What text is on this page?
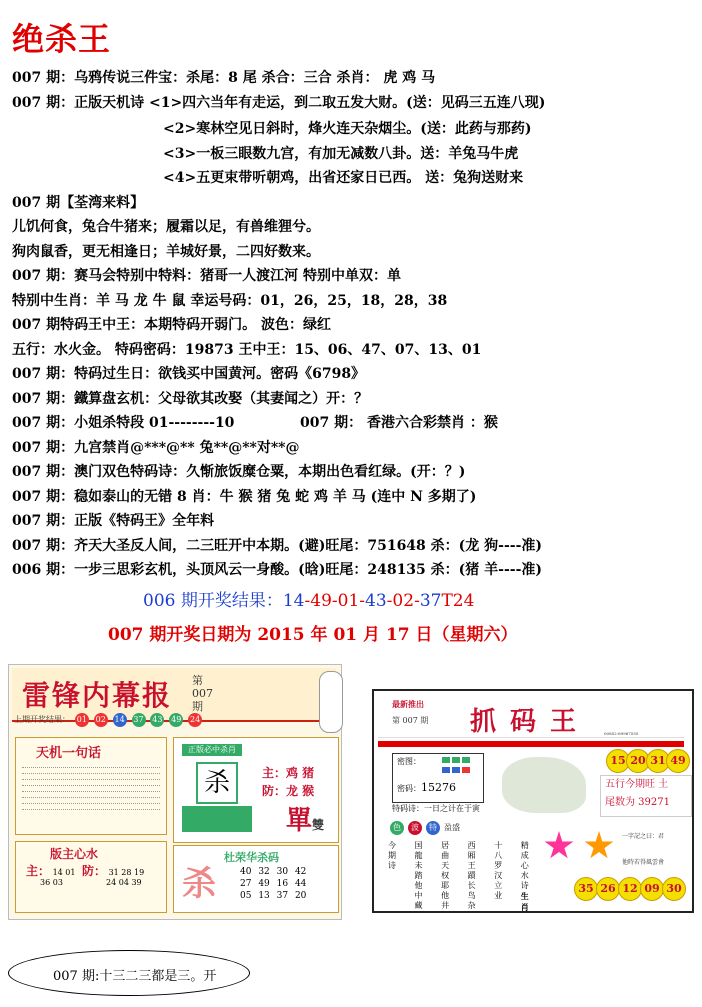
绝杀王
007 期：乌鸦传说三件宝：杀尾：8 尾 杀合：三合 杀肖： 虎 鸡 马
007 期：正版天机诗 <1>四六当年有走运，到二取五发大财。(送：见码三五连八现)
<2>寒林空见日斜时，烽火连天杂烟尘。(送：此药与那药)
<3>一板三眼数九宫，有加无减数八卦。送：羊兔马牛虎
<4>五更束带听朝鸡，出省还家日已西。 送：兔狗送财来
007 期【荃湾来料】
儿饥何食，兔合牛猪来；履霜以足，有兽维狸兮。
狗肉鼠香，更无相逢日；羊城好景，二四好数来。
007 期：赛马会特别中特料：猪哥一人渡江河 特别中单双：单
特别中生肖：羊 马 龙 牛 鼠 幸运号码：01，26，25，18，28，38
007 期特码王中王：本期特码开弱门。 波色：绿红
五行：水火金。 特码密码：19873 王中王：15、06、47、07、13、01
007 期：特码过生日：欲钱买中国黄河。密码《6798》
007 期：鐵算盘玄机：父母欲其改娶（其妻闻之）开：？
007 期：小姐杀特段 01--------10	007 期： 香港六合彩禁肖 ：猴
007 期：九宫禁肖@***@** 兔**@**对**@
007 期：澳门双色特码诗：久惭旅饭糜仓粟，本期出色看红绿。(开：？)
007 期：稳如泰山的无错 8 肖：牛 猴 猪 兔 蛇 鸡 羊 马 (连中 N 多期了)
007 期：正版《特码王》全年料
007 期：齐天大圣反人间，二三旺开中本期。(避)旺尾：751648 杀：(龙 狗----准)
006 期：一步三思彩玄机，头顶风云一身酸。(晗)旺尾：248135 杀：(猪 羊----准)
006 期开奖结果：14-49-01-43-02-37T24
007 期开奖日期为 2015 年 01 月 17 日（星期六）
雷锋内幕报 第007期
上期开奖结果： 01 02 14 37 43 49 24
天机一句话	正版必中杀肖
杀	主：鸡 猪
防：龙 猴
單雙
版主心水
主： 14 01
36 03
防： 31 28 19
24 04 39
杜荣华杀码
杀	40 32 30 42
27 49 16 44
05 13 37 20
最新推出
第 007 期 抓码王	00852-69967555
密图：

密码：15276
特码诗：一日之计在于寅
15 20 31 49
五行今期旺 土
尾数为 39271
色 波 特 盈盛
今期诗 国龍未踏他中藏 居曲天权耶他井 西厢王蹟长鸟杂 十八罗汉立业 精成心水诗
生肖
一字記之曰：君
他時若得風雲會
35 26 12 09 30
007 期:十三二三都是三。开
